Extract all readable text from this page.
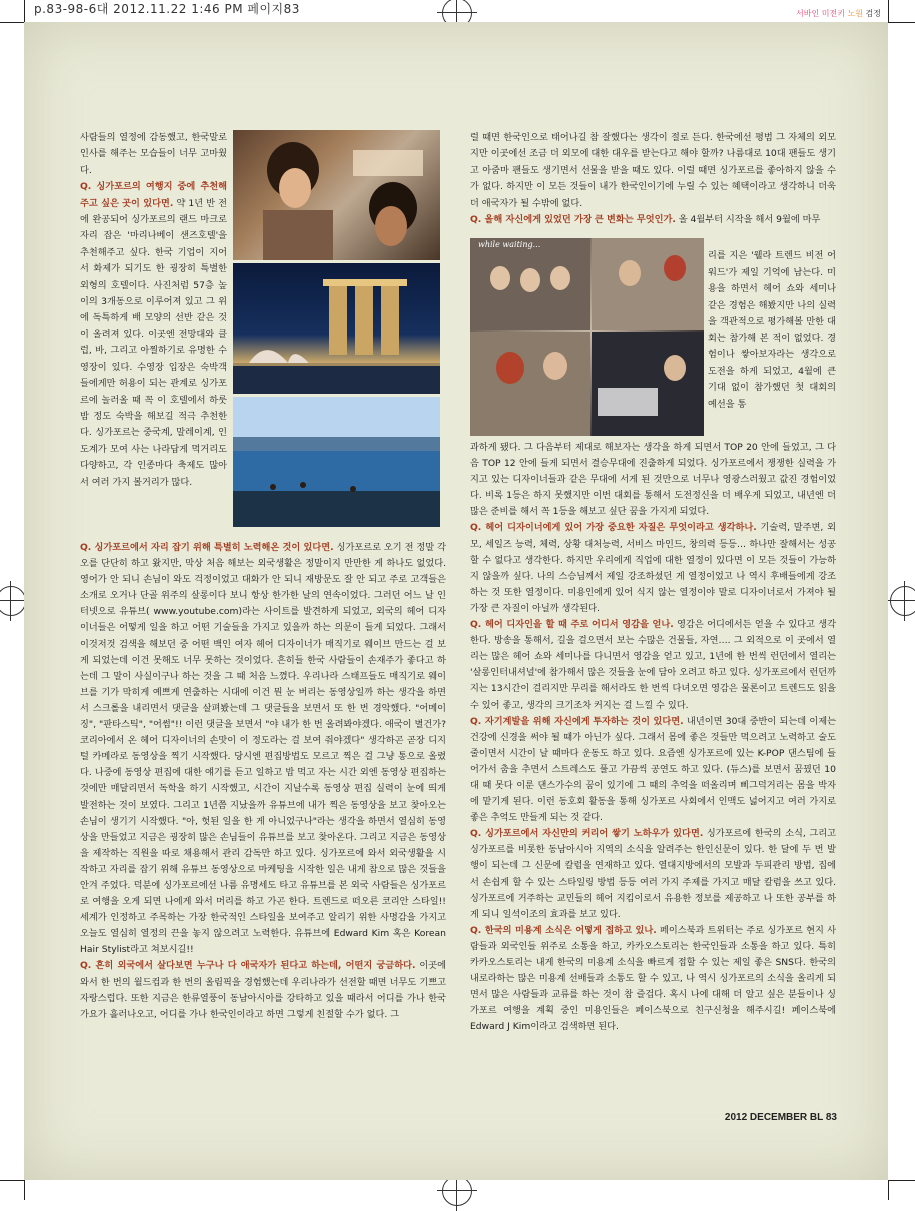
p.83-98-6대 2012.11.22 1:46 PM 페이지83	서바인 미전키 노원 검정

사람들의 열정에 감동했고, 한국말로 인사를 해주는 모습들이 너무 고마웠다.

Q. 싱가포르의 여행지 중에 추천해주고 싶은 곳이 있다면. 약 1년 반 전에 완공되어 싱가포르의 랜드 마크로 자리 잡은 '마리나베이 샌즈호텔'을 추천해주고 싶다. 한국 기업이 지어서 화제가 되기도 한 굉장히 특별한 외형의 호텔이다. 사진처럼 57층 높이의 3개동으로 이루어져 있고 그 위에 독특하게 배 모양의 선반 같은 것이 올려져 있다. 이곳엔 전망대와 클럽, 바, 그리고 아찔하기로 유명한 수영장이 있다. 수영장 입장은 숙박객들에게만 허용이 되는 관계로 싱가포르에 놀러올 때 꼭 이 호텔에서 하룻밤 정도 숙박을 해보길 적극 추천한다. 싱가포르는 중국계, 말레이계, 인도계가 모여 사는 나라답게 먹거리도 다양하고, 각 인종마다 축제도 많아서 여러 가지 볼거리가 많다.

Q. 싱가포르에서 자리 잡기 위해 특별히 노력해온 것이 있다면. 싱가포르로 오기 전 정말 각오를 단단히 하고 왔지만, 막상 처음 해보는 외국생활은 정말이지 만만한 게 하나도 없었다. 영어가 안 되니 손님이 와도 걱정이었고 대화가 안 되니 재방문도 잘 안 되고 주로 고객들은 소개로 오거나 단골 위주의 살롱이다 보니 항상 한가한 날의 연속이었다. 그러던 어느 날 인터넷으로 유튜브( www.youtube.com)라는 사이트를 발견하게 되었고, 외국의 헤어 디자이너들은 어떻게 일을 하고 어떤 기술들을 가지고 있을까 하는 의문이 들게 되었다. 그래서 이것저것 검색을 해보던 중 어떤 백인 여자 헤어 디자이너가 매직기로 웨이브 만드는 걸 보게 되었는데 이건 못해도 너무 못하는 것이었다. 흔히들 한국 사람들이 손재주가 좋다고 하는데 그 말이 사실이구나 하는 것을 그 때 처음 느꼈다. 우리나라 스태프들도 매직기로 웨이브를 기가 막히게 예쁘게 연출하는 시대에 이건 뭔 눈 버리는 동영상일까 하는 생각을 하면서 스크롤을 내리면서 댓글을 살펴봤는데 그 댓글들을 보면서 또 한 번 경악했다. "어메이징", "판타스틱", "어썸"!! 이런 댓글을 보면서 "야 내가 한 번 올려봐야겠다. 애국이 별건가? 코리아에서 온 헤어 디자이너의 손맛이 이 정도라는 걸 보여 줘야겠다" 생각하곤 곧장 디지털 카메라로 동영상을 찍기 시작했다. 당시엔 편집방법도 모르고 찍은 걸 그냥 통으로 올렸다. 나중에 동영상 편집에 대한 얘기를 듣고 일하고 밥 먹고 자는 시간 외엔 동영상 편집하는 것에만 매달리면서 독학을 하기 시작했고, 시간이 지날수록 동영상 편집 실력이 눈에 띄게 발전하는 것이 보였다. 그리고 1년쯤 지났을까 유튜브에 내가 찍은 동영상을 보고 찾아오는 손님이 생기기 시작했다. "아, 헛된 일을 한 게 아니었구나"라는 생각을 하면서 열심히 동영상을 만들었고 지금은 굉장히 많은 손님들이 유튜브를 보고 찾아온다. 그리고 지금은 동영상을 제작하는 직원을 따로 채용해서 관리 감독만 하고 있다. 싱가포르에 와서 외국생활을 시작하고 자리를 잡기 위해 유튜브 동영상으로 마케팅을 시작한 일은 내게 참으로 많은 것들을 안겨 주었다. 덕분에 싱가포르에선 나름 유명세도 타고 유튜브를 본 외국 사람들은 싱가포르로 여행을 오게 되면 나에게 와서 머리를 하고 가곤 한다. 트렌드로 떠오른 코리안 스타일!! 세계가 인정하고 주목하는 가장 한국적인 스타일을 보여주고 알리기 위한 사명감을 가지고 오늘도 열심히 열정의 끈을 놓지 않으려고 노력한다. 유튜브에 Edward Kim 혹은 Korean Hair Stylist라고 쳐보시길!!

Q. 흔히 외국에서 살다보면 누구나 다 애국자가 된다고 하는데, 어떤지 궁금하다. 이곳에 와서 한 번의 월드컵과 한 번의 올림픽을 경험했는데 우리나라가 선전할 때면 너무도 기쁘고 자랑스럽다. 또한 지금은 한류열풍이 동남아시아를 강타하고 있을 때라서 어디를 가나 한국가요가 흘러나오고, 어디를 가나 한국인이라고 하면 그렇게 친절할 수가 없다. 그

럴 때면 한국인으로 태어나길 참 잘했다는 생각이 절로 든다. 한국에선 평범 그 자체의 외모지만 이곳에선 조금 더 외모에 대한 대우를 받는다고 해야 할까? 나름대로 10대 팬들도 생기고 아줌마 팬들도 생기면서 선물을 받을 때도 있다. 이럴 때면 싱가포르를 좋아하지 않을 수가 없다. 하지만 이 모든 것들이 내가 한국인이기에 누릴 수 있는 혜택이라고 생각하니 더욱 더 애국자가 될 수밖에 없다.

Q. 올해 자신에게 있었던 가장 큰 변화는 무엇인가. 올 4월부터 시작을 해서 9월에 마무

while waiting...

리를 지은 '웰라 트렌드 비전 어워드'가 제일 기억에 남는다. 미용을 하면서 헤어 쇼와 세미나 같은 경험은 해봤지만 나의 실력을 객관적으로 평가해볼 만한 대회는 참가해 본 적이 없었다. 경험이나 쌓아보자라는 생각으로 도전을 하게 되었고, 4월에 큰 기대 없이 참가했던 첫 대회의 예선을 통

과하게 됐다. 그 다음부터 제대로 해보자는 생각을 하게 되면서 TOP 20 안에 들었고, 그 다음 TOP 12 안에 들게 되면서 결승무대에 진출하게 되었다. 싱가포르에서 쟁쟁한 실력을 가지고 있는 디자이너들과 같은 무대에 서게 된 것만으로 너무나 영광스러웠고 값진 경험이었다. 비록 1등은 하지 못했지만 이번 대회를 통해서 도전정신을 더 배우게 되었고, 내년엔 더 많은 준비를 해서 꼭 1등을 해보고 싶단 꿈을 가지게 되었다.

Q. 헤어 디자이너에게 있어 가장 중요한 자질은 무엇이라고 생각하나. 기술력, 말주변, 외모, 세일즈 능력, 체력, 상황 대처능력, 서비스 마인드, 창의력 등등… 하나만 잘해서는 성공할 수 없다고 생각한다. 하지만 우리에게 직업에 대한 열정이 있다면 이 모든 것들이 가능하지 않을까 싶다. 나의 스승님께서 제일 강조하셨던 게 열정이었고 나 역시 후배들에게 강조하는 것 또한 열정이다. 미용인에게 있어 식지 않는 열정이야 말로 디자이너로서 가져야 될 가장 큰 자질이 아닐까 생각된다.

Q. 헤어 디자인을 할 때 주로 어디서 영감을 얻나. 영감은 어디에서든 얻을 수 있다고 생각한다. 방송을 통해서, 길을 걸으면서 보는 수많은 건물들, 자연…. 그 외적으로 이 곳에서 열리는 많은 헤어 쇼와 세미나를 다니면서 영감을 얻고 있고, 1년에 한 번씩 런던에서 열리는 '살롱인터내셔널'에 참가해서 많은 것들을 눈에 담아 오려고 하고 있다. 싱가포르에서 런던까지는 13시간이 걸리지만 무리를 해서라도 한 번씩 다녀오면 영감은 물론이고 트렌드도 읽을 수 있어 좋고, 생각의 크기조차 커지는 걸 느낄 수 있다.

Q. 자기계발을 위해 자신에게 투자하는 것이 있다면. 내년이면 30대 중반이 되는데 이제는 건강에 신경을 써야 될 때가 아닌가 싶다. 그래서 몸에 좋은 것들만 먹으려고 노력하고 술도 줄이면서 시간이 날 때마다 운동도 하고 있다. 요즘엔 싱가포르에 있는 K-POP 댄스팀에 들어가서 춤을 추면서 스트레스도 풀고 가끔씩 공연도 하고 있다. (듀스)를 보면서 꿈꿨던 10대 때 못다 이룬 댄스가수의 꿈이 있기에 그 때의 추억을 떠올리며 삐그덕거리는 몸을 박자에 맡기게 된다. 이런 동호회 활동을 통해 싱가포르 사회에서 인맥도 넓어지고 여러 가지로 좋은 추억도 만들게 되는 것 같다.

Q. 싱가포르에서 자신만의 커리어 쌓기 노하우가 있다면. 싱가포르에 한국의 소식, 그리고 싱가포르를 비롯한 동남아시아 지역의 소식을 알려주는 한인신문이 있다. 한 달에 두 번 발행이 되는데 그 신문에 칼럼을 연재하고 있다. 열대지방에서의 모발과 두피관리 방법, 집에서 손쉽게 할 수 있는 스타일링 방법 등등 여러 가지 주제를 가지고 매달 칼럼을 쓰고 있다. 싱가포르에 거주하는 교민들의 헤어 지킴이로서 유용한 정보를 제공하고 나 또한 공부를 하게 되니 일석이조의 효과를 보고 있다.

Q. 한국의 미용계 소식은 어떻게 접하고 있나. 페이스북과 트위터는 주로 싱가포르 현지 사람들과 외국인들 위주로 소통을 하고, 카카오스토리는 한국인들과 소통을 하고 있다. 특히 카카오스토리는 내게 한국의 미용계 소식을 빠르게 접할 수 있는 제일 좋은 SNS다. 한국의 내로라하는 많은 미용계 선배들과 소통도 할 수 있고, 나 역시 싱가포르의 소식을 올리게 되면서 많은 사람들과 교류를 하는 것이 참 즐겁다. 혹시 나에 대해 더 알고 싶은 분들이나 싱가포르 여행을 계획 중인 미용인들은 페이스북으로 친구신청을 해주시길! 페이스북에 Edward J Kim이라고 검색하면 된다.

2012 DECEMBER BL 83
